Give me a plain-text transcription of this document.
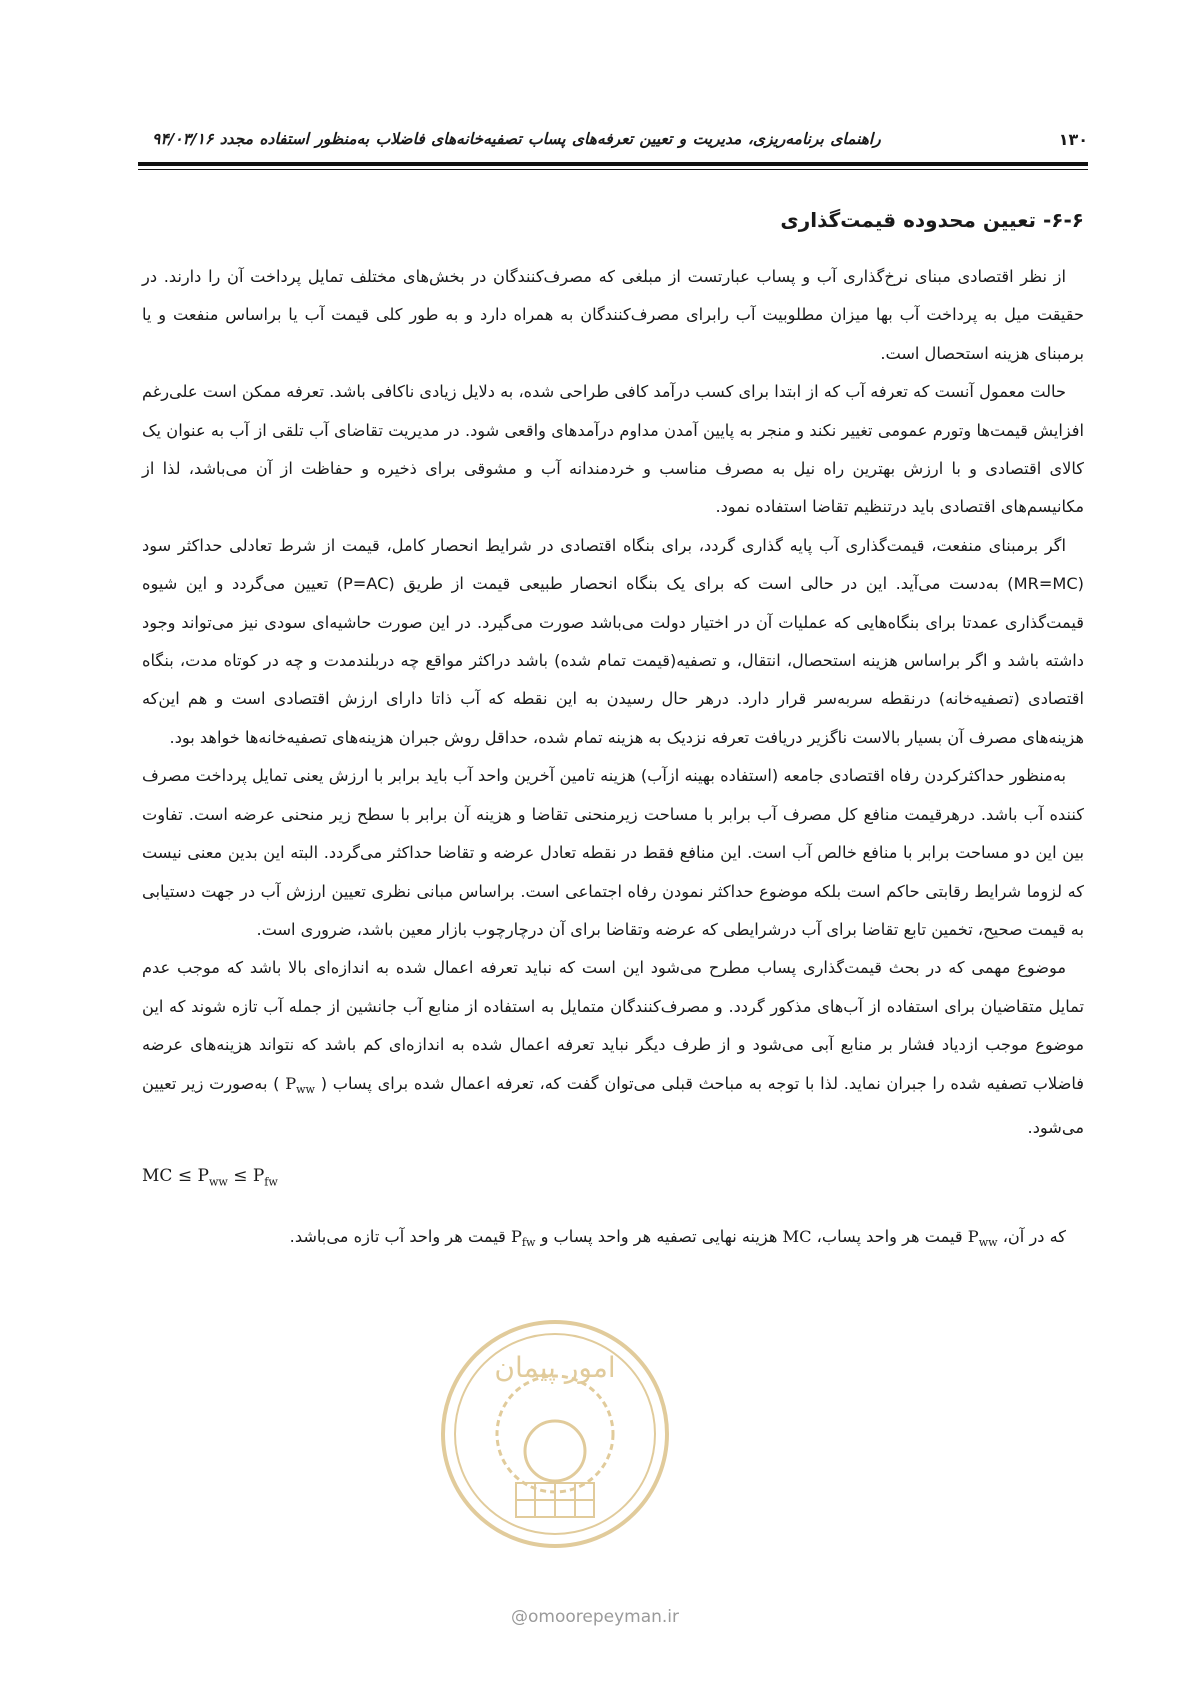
۱۳۰
راهنمای برنامه‌ریزی، مدیریت و تعیین تعرفه‌های پساب تصفیه‌خانه‌های فاضلاب به‌منظور استفاده مجدد ۹۴/۰۳/۱۶
۶-۶- تعیین محدوده قیمت‌گذاری

از نظر اقتصادی مبنای نرخ‌گذاری آب و پساب عبارتست از مبلغی که مصرف‌کنندگان در بخش‌های مختلف تمایل پرداخت آن را دارند. در حقیقت میل به پرداخت آب بها میزان مطلوبیت آب رابرای مصرف‌کنندگان به همراه دارد و به طور کلی قیمت آب یا براساس منفعت و یا برمبنای هزینه استحصال است.

حالت معمول آنست که تعرفه آب که از ابتدا برای کسب درآمد کافی طراحی شده، به دلایل زیادی ناکافی باشد. تعرفه ممکن است علی‌رغم افزایش قیمت‌ها وتورم عمومی تغییر نکند و منجر به پایین آمدن مداوم درآمدهای واقعی شود. در مدیریت تقاضای آب تلقی از آب به عنوان یک کالای اقتصادی و با ارزش بهترین راه نیل به مصرف مناسب و خردمندانه آب و مشوقی برای ذخیره و حفاظت از آن می‌باشد، لذا از مکانیسم‌های اقتصادی باید درتنظیم تقاضا استفاده نمود.

اگر برمبنای منفعت، قیمت‌گذاری آب پایه گذاری گردد، برای بنگاه اقتصادی در شرایط انحصار کامل، قیمت از شرط تعادلی حداکثر سود (MR=MC) به‌دست می‌آید. این در حالی است که برای یک بنگاه انحصار طبیعی قیمت از طریق (P=AC) تعیین می‌گردد و این شیوه قیمت‌گذاری عمدتا برای بنگاه‌هایی که عملیات آن در اختیار دولت می‌باشد صورت می‌گیرد. در این صورت حاشیه‌ای سودی نیز می‌تواند وجود داشته باشد و اگر براساس هزینه استحصال، انتقال، و تصفیه(قیمت تمام شده) باشد دراکثر مواقع چه دربلندمدت و چه در کوتاه مدت، بنگاه اقتصادی (تصفیه‌خانه) درنقطه سربه‌سر قرار دارد. درهر حال رسیدن به این نقطه که آب ذاتا دارای ارزش اقتصادی است و هم این‌که هزینه‌های مصرف آن بسیار بالاست ناگزیر دریافت تعرفه نزدیک به هزینه تمام شده، حداقل روش جبران هزینه‌های تصفیه‌خانه‌ها خواهد بود.

به‌منظور حداکثرکردن رفاه اقتصادی جامعه (استفاده بهینه ازآب) هزینه تامین آخرین واحد آب باید برابر با ارزش یعنی تمایل پرداخت مصرف کننده آب باشد. درهرقیمت منافع کل مصرف آب برابر با مساحت زیرمنحنی تقاضا و هزینه آن برابر با سطح زیر منحنی عرضه است. تفاوت بین این دو مساحت برابر با منافع خالص آب است. این منافع فقط در نقطه تعادل عرضه و تقاضا حداکثر می‌گردد. البته این بدین معنی نیست که لزوما شرایط رقابتی حاکم است بلکه موضوع حداکثر نمودن رفاه اجتماعی است. براساس مبانی نظری تعیین ارزش آب در جهت دستیابی به قیمت صحیح، تخمین تابع تقاضا برای آب درشرایطی که عرضه وتقاضا برای آن درچارچوب بازار معین باشد، ضروری است.

موضوع مهمی که در بحث قیمت‌گذاری پساب مطرح می‌شود این است که نباید تعرفه اعمال شده به اندازه‌ای بالا باشد که موجب عدم تمایل متقاضیان برای استفاده از آب‌های مذکور گردد. و مصرف‌کنندگان متمایل به استفاده از منابع آب جانشین از جمله آب تازه شوند که این موضوع موجب ازدیاد فشار بر منابع آبی می‌شود و از طرف دیگر نباید تعرفه اعمال شده به اندازه‌ای کم باشد که نتواند هزینه‌های عرضه فاضلاب تصفیه شده را جبران نماید. لذا با توجه به مباحث قبلی می‌توان گفت که، تعرفه اعمال شده برای پساب ( $P_{ww}$ ) به‌صورت زیر تعیین می‌شود.

MC ≤ $P_{ww} \le P_{fw}$

که در آن، $P_{ww}$ قیمت هر واحد پساب، MC هزینه نهایی تصفیه هر واحد پساب و $P_{fw}$ قیمت هر واحد آب تازه می‌باشد.

امور پیمان
@omoorepeyman.ir
